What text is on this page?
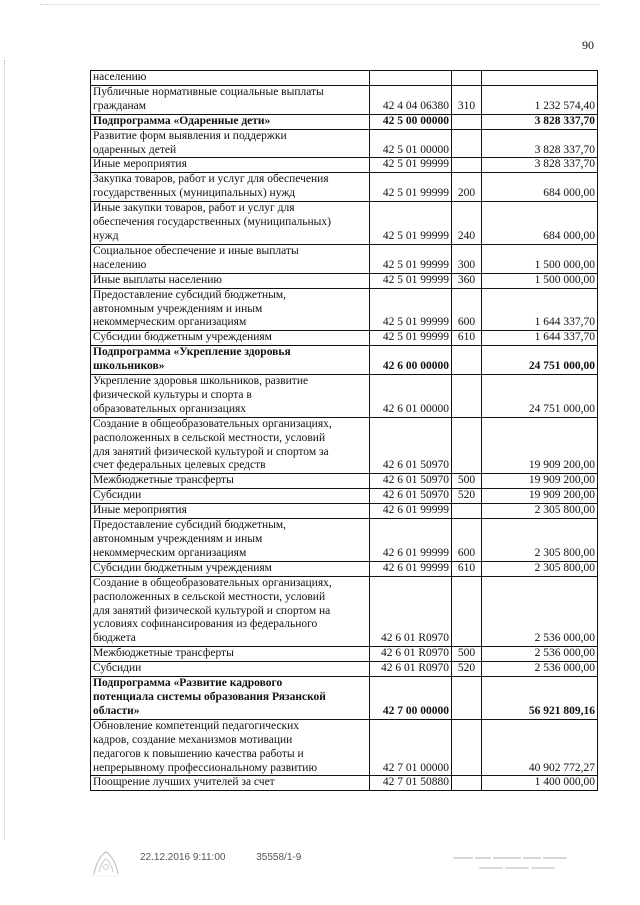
90
населению			
Публичные нормативные социальные выплаты
гражданам	42 4 04 06380	310	1 232 574,40
Подпрограмма «Одаренные дети»	42 5 00 00000		3 828 337,70
Развитие форм выявления и поддержки
одаренных детей	42 5 01 00000		3 828 337,70
Иные мероприятия	42 5 01 99999		3 828 337,70
Закупка товаров, работ и услуг для обеспечения
государственных (муниципальных) нужд	42 5 01 99999	200	684 000,00
Иные закупки товаров, работ и услуг для
обеспечения государственных (муниципальных)
нужд	42 5 01 99999	240	684 000,00
Социальное обеспечение и иные выплаты
населению	42 5 01 99999	300	1 500 000,00
Иные выплаты населению	42 5 01 99999	360	1 500 000,00
Предоставление субсидий бюджетным,
автономным учреждениям и иным
некоммерческим организациям	42 5 01 99999	600	1 644 337,70
Субсидии бюджетным учреждениям	42 5 01 99999	610	1 644 337,70
Подпрограмма «Укрепление здоровья
школьников»	42 6 00 00000		24 751 000,00
Укрепление здоровья школьников, развитие
физической культуры и спорта в
образовательных организациях	42 6 01 00000		24 751 000,00
Создание в общеобразовательных организациях,
расположенных в сельской местности, условий
для занятий физической культурой и спортом за
счет федеральных целевых средств	42 6 01 50970		19 909 200,00
Межбюджетные трансферты	42 6 01 50970	500	19 909 200,00
Субсидии	42 6 01 50970	520	19 909 200,00
Иные мероприятия	42 6 01 99999		2 305 800,00
Предоставление субсидий бюджетным,
автономным учреждениям и иным
некоммерческим организациям	42 6 01 99999	600	2 305 800,00
Субсидии бюджетным учреждениям	42 6 01 99999	610	2 305 800,00
Создание в общеобразовательных организациях,
расположенных в сельской местности, условий
для занятий физической культурой и спортом на
условиях софинансирования из федерального
бюджета	42 6 01 R0970		2 536 000,00
Межбюджетные трансферты	42 6 01 R0970	500	2 536 000,00
Субсидии	42 6 01 R0970	520	2 536 000,00
Подпрограмма «Развитие кадрового
потенциала системы образования Рязанской
области»	42 7 00 00000		56 921 809,16
Обновление компетенций педагогических
кадров, создание механизмов мотивации
педагогов к повышению качества работы и
непрерывному профессиональному развитию	42 7 01 00000		40 902 772,27
Поощрение лучших учителей за счет	42 7 01 50880		1 400 000,00
22.12.2016 9:11:00	35558/1-9
